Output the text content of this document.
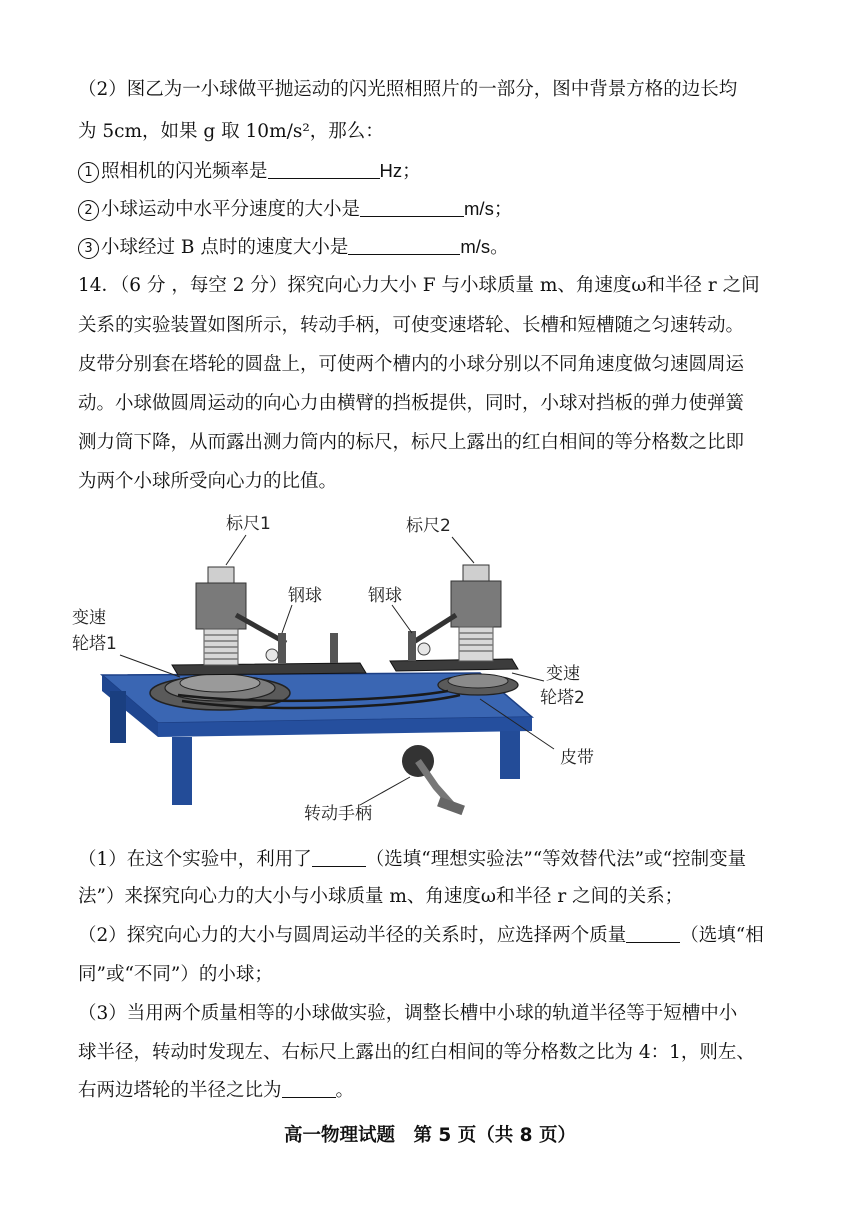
（2）图乙为一小球做平抛运动的闪光照相照片的一部分，图中背景方格的边长均
为 5cm，如果 g 取 10m/s²，那么：
1 照相机的闪光频率是	Hz；
2 小球运动中水平分速度的大小是	m/s；
3 小球经过 B 点时的速度大小是	m/s。
14．（6 分 ，每空 2 分）探究向心力大小 F 与小球质量 m、角速度ω和半径 r 之间
关系的实验装置如图所示，转动手柄，可使变速塔轮、长槽和短槽随之匀速转动。
皮带分别套在塔轮的圆盘上，可使两个槽内的小球分别以不同角速度做匀速圆周运
动。小球做圆周运动的向心力由横臂的挡板提供，同时，小球对挡板的弹力使弹簧
测力筒下降，从而露出测力筒内的标尺，标尺上露出的红白相间的等分格数之比即
为两个小球所受向心力的比值。
标尺1	标尺2
钢球	钢球
变速
轮塔1
变速
轮塔2
皮带
转动手柄
（1）在这个实验中，利用了	（选填“理想实验法”“等效替代法”或“控制变量
法”）来探究向心力的大小与小球质量 m、角速度ω和半径 r 之间的关系；
（2）探究向心力的大小与圆周运动半径的关系时，应选择两个质量	（选填“相
同”或“不同”）的小球；
（3）当用两个质量相等的小球做实验，调整长槽中小球的轨道半径等于短槽中小
球半径，转动时发现左、右标尺上露出的红白相间的等分格数之比为 4：1，则左、
右两边塔轮的半径之比为	。
高一物理试题　第 5 页（共 8 页）
